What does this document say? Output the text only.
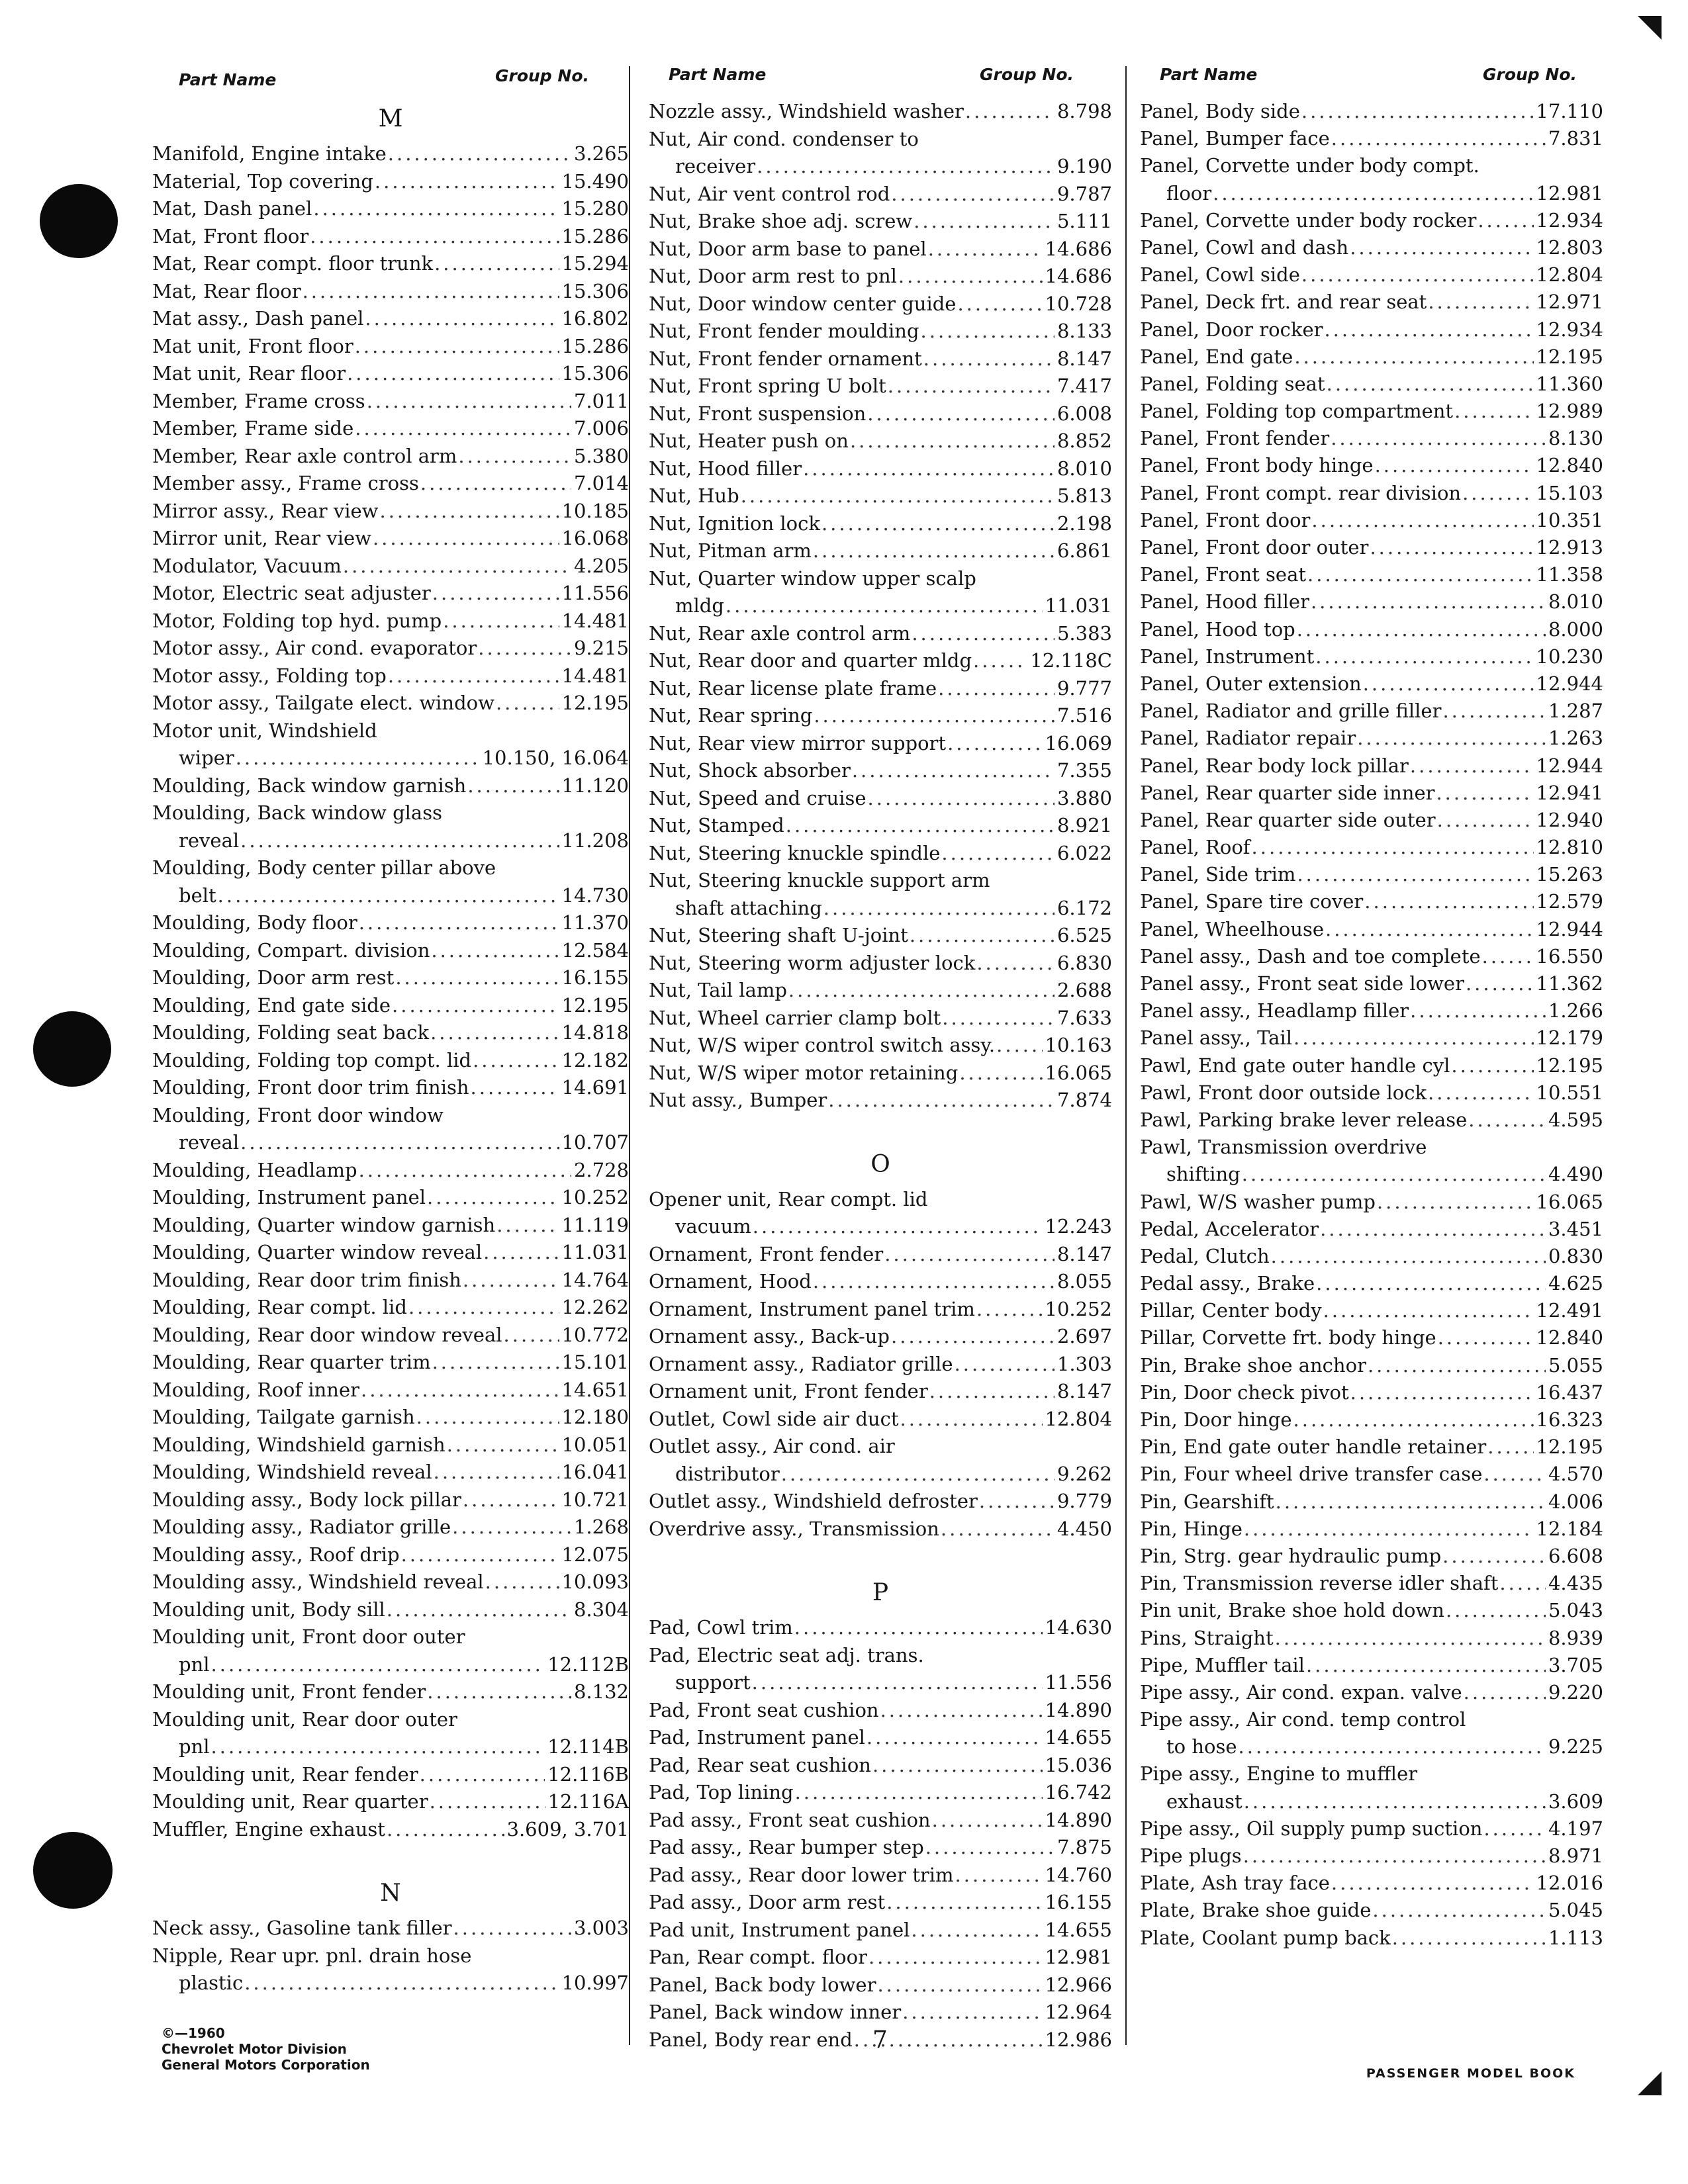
Part Name	Group No.
M
Manifold, Engine intake .....	3.265
Material, Top covering .....	15.490
Mat, Dash panel .....	15.280
Mat, Front floor .....	15.286
Mat, Rear compt. floor trunk .....	15.294
Mat, Rear floor .....	15.306
Mat assy., Dash panel .....	16.802
Mat unit, Front floor .....	15.286
Mat unit, Rear floor .....	15.306
Member, Frame cross .....	7.011
Member, Frame side .....	7.006
Member, Rear axle control arm .....	5.380
Member assy., Frame cross .....	7.014
Mirror assy., Rear view .....	10.185
Mirror unit, Rear view .....	16.068
Modulator, Vacuum .....	4.205
Motor, Electric seat adjuster .....	11.556
Motor, Folding top hyd. pump .....	14.481
Motor assy., Air cond. evaporator .....	9.215
Motor assy., Folding top .....	14.481
Motor assy., Tailgate elect. window .....	12.195
Motor unit, Windshield
wiper .....	10.150, 16.064
Moulding, Back window garnish .....	11.120
Moulding, Back window glass
reveal .....	11.208
Moulding, Body center pillar above
belt .....	14.730
Moulding, Body floor .....	11.370
Moulding, Compart. division .....	12.584
Moulding, Door arm rest .....	16.155
Moulding, End gate side .....	12.195
Moulding, Folding seat back .....	14.818
Moulding, Folding top compt. lid .....	12.182
Moulding, Front door trim finish .....	14.691
Moulding, Front door window
reveal .....	10.707
Moulding, Headlamp .....	2.728
Moulding, Instrument panel .....	10.252
Moulding, Quarter window garnish .....	11.119
Moulding, Quarter window reveal .....	11.031
Moulding, Rear door trim finish .....	14.764
Moulding, Rear compt. lid .....	12.262
Moulding, Rear door window reveal .....	10.772
Moulding, Rear quarter trim .....	15.101
Moulding, Roof inner .....	14.651
Moulding, Tailgate garnish .....	12.180
Moulding, Windshield garnish .....	10.051
Moulding, Windshield reveal .....	16.041
Moulding assy., Body lock pillar .....	10.721
Moulding assy., Radiator grille .....	1.268
Moulding assy., Roof drip .....	12.075
Moulding assy., Windshield reveal .....	10.093
Moulding unit, Body sill .....	8.304
Moulding unit, Front door outer
pnl .....	12.112B
Moulding unit, Front fender .....	8.132
Moulding unit, Rear door outer
pnl .....	12.114B
Moulding unit, Rear fender .....	12.116B
Moulding unit, Rear quarter .....	12.116A
Muffler, Engine exhaust .....	3.609, 3.701
N
Neck assy., Gasoline tank filler .....	3.003
Nipple, Rear upr. pnl. drain hose
plastic .....	10.997
Part Name	Group No.
Nozzle assy., Windshield washer .....	8.798
Nut, Air cond. condenser to
receiver .....	9.190
Nut, Air vent control rod .....	9.787
Nut, Brake shoe adj. screw .....	5.111
Nut, Door arm base to panel .....	14.686
Nut, Door arm rest to pnl .....	14.686
Nut, Door window center guide .....	10.728
Nut, Front fender moulding .....	8.133
Nut, Front fender ornament .....	8.147
Nut, Front spring U bolt .....	7.417
Nut, Front suspension .....	6.008
Nut, Heater push on .....	8.852
Nut, Hood filler .....	8.010
Nut, Hub .....	5.813
Nut, Ignition lock .....	2.198
Nut, Pitman arm .....	6.861
Nut, Quarter window upper scalp
mldg .....	11.031
Nut, Rear axle control arm .....	5.383
Nut, Rear door and quarter mldg .....	12.118C
Nut, Rear license plate frame .....	9.777
Nut, Rear spring .....	7.516
Nut, Rear view mirror support .....	16.069
Nut, Shock absorber .....	7.355
Nut, Speed and cruise .....	3.880
Nut, Stamped .....	8.921
Nut, Steering knuckle spindle .....	6.022
Nut, Steering knuckle support arm
shaft attaching .....	6.172
Nut, Steering shaft U-joint .....	6.525
Nut, Steering worm adjuster lock .....	6.830
Nut, Tail lamp .....	2.688
Nut, Wheel carrier clamp bolt .....	7.633
Nut, W/S wiper control switch assy. .....	10.163
Nut, W/S wiper motor retaining .....	16.065
Nut assy., Bumper .....	7.874
O
Opener unit, Rear compt. lid
vacuum .....	12.243
Ornament, Front fender .....	8.147
Ornament, Hood .....	8.055
Ornament, Instrument panel trim .....	10.252
Ornament assy., Back-up .....	2.697
Ornament assy., Radiator grille .....	1.303
Ornament unit, Front fender .....	8.147
Outlet, Cowl side air duct .....	12.804
Outlet assy., Air cond. air
distributor .....	9.262
Outlet assy., Windshield defroster .....	9.779
Overdrive assy., Transmission .....	4.450
P
Pad, Cowl trim .....	14.630
Pad, Electric seat adj. trans.
support .....	11.556
Pad, Front seat cushion .....	14.890
Pad, Instrument panel .....	14.655
Pad, Rear seat cushion .....	15.036
Pad, Top lining .....	16.742
Pad assy., Front seat cushion .....	14.890
Pad assy., Rear bumper step .....	7.875
Pad assy., Rear door lower trim .....	14.760
Pad assy., Door arm rest .....	16.155
Pad unit, Instrument panel .....	14.655
Pan, Rear compt. floor .....	12.981
Panel, Back body lower .....	12.966
Panel, Back window inner .....	12.964
Panel, Body rear end .....	12.986
Part Name	Group No.
Panel, Body side .....	17.110
Panel, Bumper face .....	7.831
Panel, Corvette under body compt.
floor .....	12.981
Panel, Corvette under body rocker .....	12.934
Panel, Cowl and dash .....	12.803
Panel, Cowl side .....	12.804
Panel, Deck frt. and rear seat .....	12.971
Panel, Door rocker .....	12.934
Panel, End gate .....	12.195
Panel, Folding seat .....	11.360
Panel, Folding top compartment .....	12.989
Panel, Front fender .....	8.130
Panel, Front body hinge .....	12.840
Panel, Front compt. rear division .....	15.103
Panel, Front door .....	10.351
Panel, Front door outer .....	12.913
Panel, Front seat .....	11.358
Panel, Hood filler .....	8.010
Panel, Hood top .....	8.000
Panel, Instrument .....	10.230
Panel, Outer extension .....	12.944
Panel, Radiator and grille filler .....	1.287
Panel, Radiator repair .....	1.263
Panel, Rear body lock pillar .....	12.944
Panel, Rear quarter side inner .....	12.941
Panel, Rear quarter side outer .....	12.940
Panel, Roof .....	12.810
Panel, Side trim .....	15.263
Panel, Spare tire cover .....	12.579
Panel, Wheelhouse .....	12.944
Panel assy., Dash and toe complete .....	16.550
Panel assy., Front seat side lower .....	11.362
Panel assy., Headlamp filler .....	1.266
Panel assy., Tail .....	12.179
Pawl, End gate outer handle cyl .....	12.195
Pawl, Front door outside lock .....	10.551
Pawl, Parking brake lever release .....	4.595
Pawl, Transmission overdrive
shifting .....	4.490
Pawl, W/S washer pump .....	16.065
Pedal, Accelerator .....	3.451
Pedal, Clutch .....	0.830
Pedal assy., Brake .....	4.625
Pillar, Center body .....	12.491
Pillar, Corvette frt. body hinge .....	12.840
Pin, Brake shoe anchor .....	5.055
Pin, Door check pivot .....	16.437
Pin, Door hinge .....	16.323
Pin, End gate outer handle retainer .....	12.195
Pin, Four wheel drive transfer case .....	4.570
Pin, Gearshift .....	4.006
Pin, Hinge .....	12.184
Pin, Strg. gear hydraulic pump .....	6.608
Pin, Transmission reverse idler shaft .....	4.435
Pin unit, Brake shoe hold down .....	5.043
Pins, Straight .....	8.939
Pipe, Muffler tail .....	3.705
Pipe assy., Air cond. expan. valve .....	9.220
Pipe assy., Air cond. temp control
to hose .....	9.225
Pipe assy., Engine to muffler
exhaust .....	3.609
Pipe assy., Oil supply pump suction .....	4.197
Pipe plugs .....	8.971
Plate, Ash tray face .....	12.016
Plate, Brake shoe guide .....	5.045
Plate, Coolant pump back .....	1.113
©—1960
Chevrolet Motor Division
General Motors Corporation
7
PASSENGER MODEL BOOK
